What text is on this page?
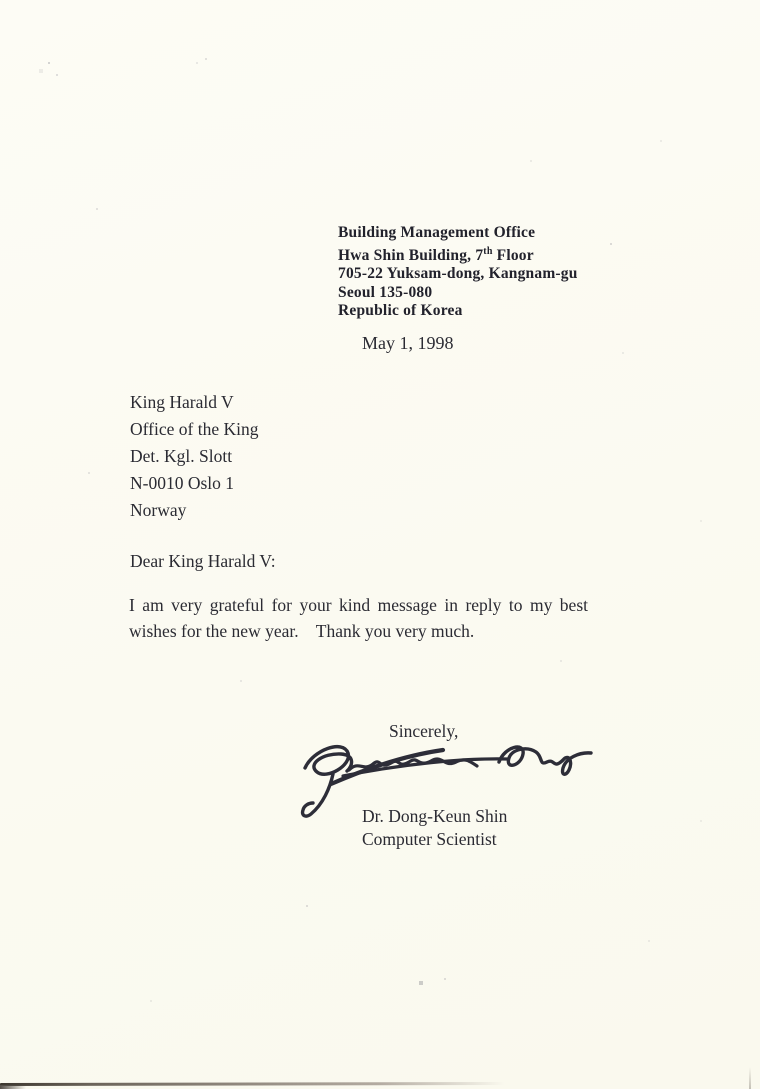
Building Management Office
Hwa Shin Building, 7th Floor
705-22 Yuksam-dong, Kangnam-gu
Seoul 135-080
Republic of Korea
May 1, 1998
King Harald V
Office of the King
Det. Kgl. Slott
N-0010 Oslo 1
Norway
Dear King Harald V:
I am very grateful for your kind message in reply to my best
wishes for the new year.    Thank you very much.
Sincerely,
Dr. Dong-Keun Shin
Computer Scientist
